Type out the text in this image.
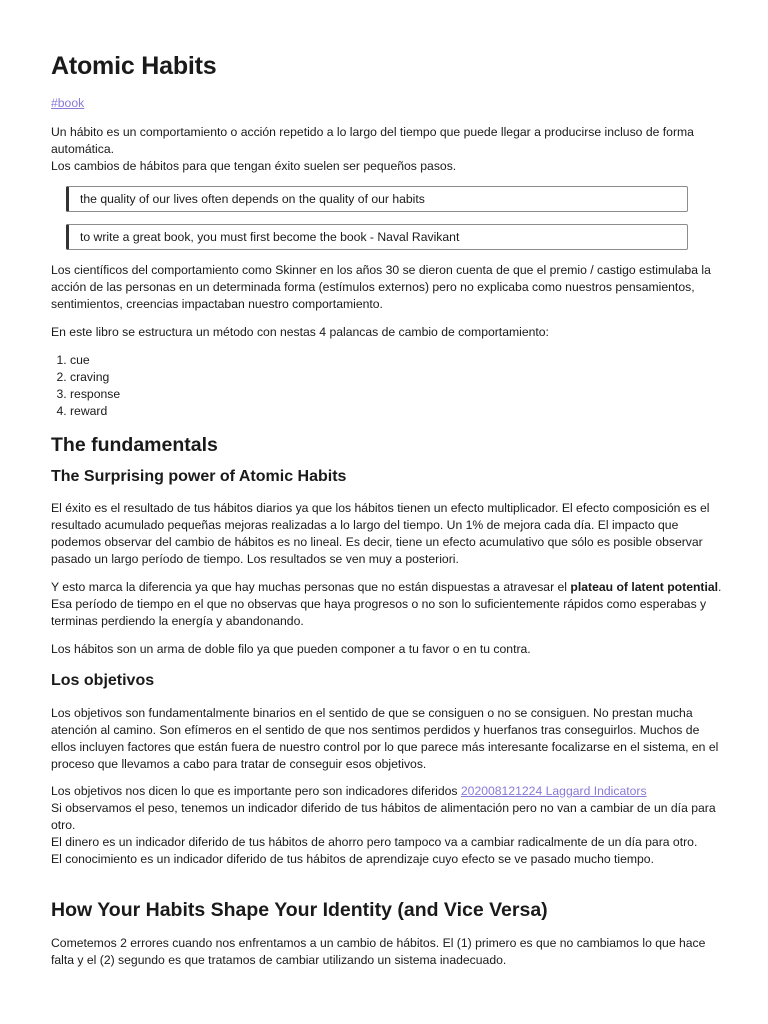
Atomic Habits
#book

Un hábito es un comportamiento o acción repetido a lo largo del tiempo que puede llegar a producirse incluso de forma automática.
Los cambios de hábitos para que tengan éxito suelen ser pequeños pasos.

the quality of our lives often depends on the quality of our habits
to write a great book, you must first become the book - Naval Ravikant

Los científicos del comportamiento como Skinner en los años 30 se dieron cuenta de que el premio / castigo estimulaba la acción de las personas en un determinada forma (estímulos externos) pero no explicaba como nuestros pensamientos, sentimientos, creencias impactaban nuestro comportamiento.

En este libro se estructura un método con nestas 4 palancas de cambio de comportamiento:

1. cue
2. craving
3. response
4. reward
The fundamentals
The Surprising power of Atomic Habits

El éxito es el resultado de tus hábitos diarios ya que los hábitos tienen un efecto multiplicador. El efecto composición es el resultado acumulado pequeñas mejoras realizadas a lo largo del tiempo. Un 1% de mejora cada día. El impacto que podemos observar del cambio de hábitos es no lineal. Es decir, tiene un efecto acumulativo que sólo es posible observar pasado un largo período de tiempo. Los resultados se ven muy a posteriori.

Y esto marca la diferencia ya que hay muchas personas que no están dispuestas a atravesar el plateau of latent potential. Esa período de tiempo en el que no observas que haya progresos o no son lo suficientemente rápidos como esperabas y terminas perdiendo la energía y abandonando.

Los hábitos son un arma de doble filo ya que pueden componer a tu favor o en tu contra.

Los objetivos

Los objetivos son fundamentalmente binarios en el sentido de que se consiguen o no se consiguen. No prestan mucha atención al camino. Son efímeros en el sentido de que nos sentimos perdidos y huerfanos tras conseguirlos. Muchos de ellos incluyen factores que están fuera de nuestro control por lo que parece más interesante focalizarse en el sistema, en el proceso que llevamos a cabo para tratar de conseguir esos objetivos.

Los objetivos nos dicen lo que es importante pero son indicadores diferidos 202008121224 Laggard Indicators
Si observamos el peso, tenemos un indicador diferido de tus hábitos de alimentación pero no van a cambiar de un día para otro.
El dinero es un indicador diferido de tus hábitos de ahorro pero tampoco va a cambiar radicalmente de un día para otro.
El conocimiento es un indicador diferido de tus hábitos de aprendizaje cuyo efecto se ve pasado mucho tiempo.

How Your Habits Shape Your Identity (and Vice Versa)

Cometemos 2 errores cuando nos enfrentamos a un cambio de hábitos. El (1) primero es que no cambiamos lo que hace falta y el (2) segundo es que tratamos de cambiar utilizando un sistema inadecuado.
